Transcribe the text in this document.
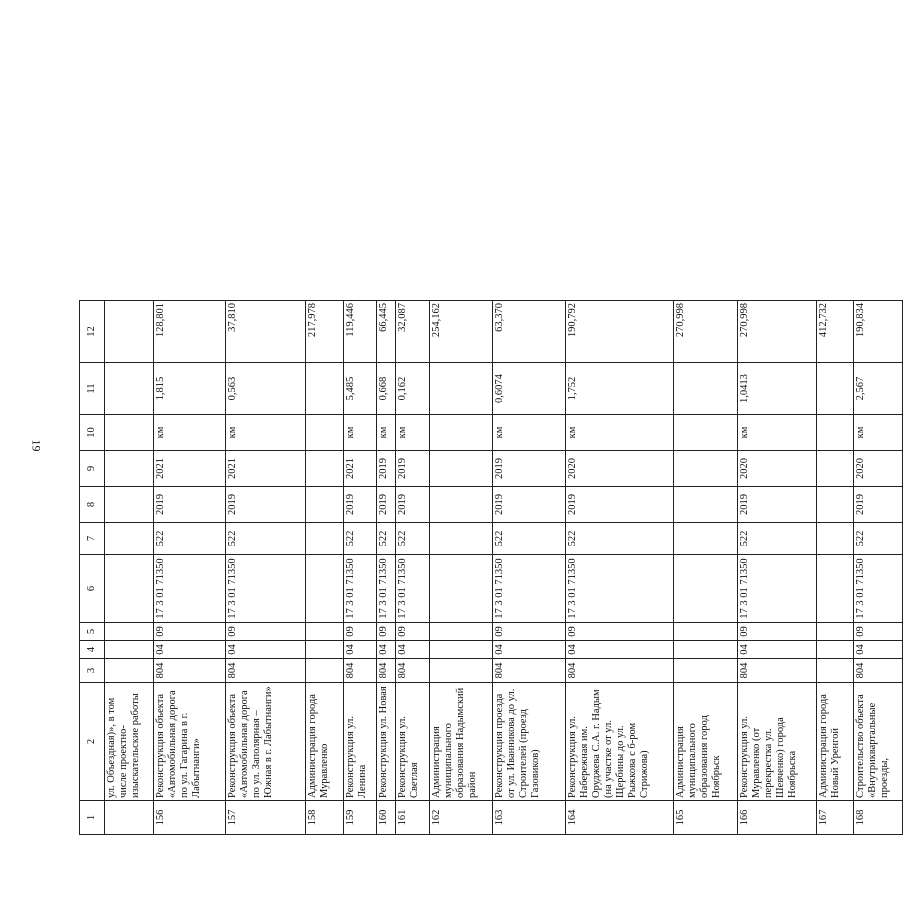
19
1	2	3	4	5	6	7	8	9	10	11	12
	ул. Объездная)», в том числе проектно-изыскательские работы										
156	Реконструкция объекта «Автомобильная дорога по ул. Гагарина в г. Лабытнанги»	804	04	09	17 3 01 71350	522	2019	2021	км	1,815	128,801
157	Реконструкция объекта «Автомобильная дорога по ул. Заполярная – Южная в г. Лабытнанги»	804	04	09	17 3 01 71350	522	2019	2021	км	0,563	37,810
158	Администрация города Муравленко										217,978
159	Реконструкция ул. Ленина	804	04	09	17 3 01 71350	522	2019	2021	км	5,485	119,446
160	Реконструкция ул. Новая	804	04	09	17 3 01 71350	522	2019	2019	км	0,668	66,445
161	Реконструкция ул. Светлая	804	04	09	17 3 01 71350	522	2019	2019	км	0,162	32,087
162	Администрация муниципального образования Надымский район										254,162
163	Реконструкция проезда от ул. Иванникова до ул. Строителей (проезд Газовиков)	804	04	09	17 3 01 71350	522	2019	2019	км	0,6074	63,370
164	Реконструкция ул. Набережная им. Оруджева С.А. г. Надым (на участке от ул. Щербины до ул. Рыжкова с б-ром Стрижова)	804	04	09	17 3 01 71350	522	2019	2020	км	1,752	190,792
165	Администрация муниципального образования город Ноябрьск										270,998
166	Реконструкция ул. Муравленко (от перекрестка ул. Шевченко) города Ноябрьска	804	04	09	17 3 01 71350	522	2019	2020	км	1,0413	270,998
167	Администрация города Новый Уренгой										412,732
168	Строительство объекта «Внутриквартальные проезды,	804	04	09	17 3 01 71350	522	2019	2020	км	2,567	190,834
